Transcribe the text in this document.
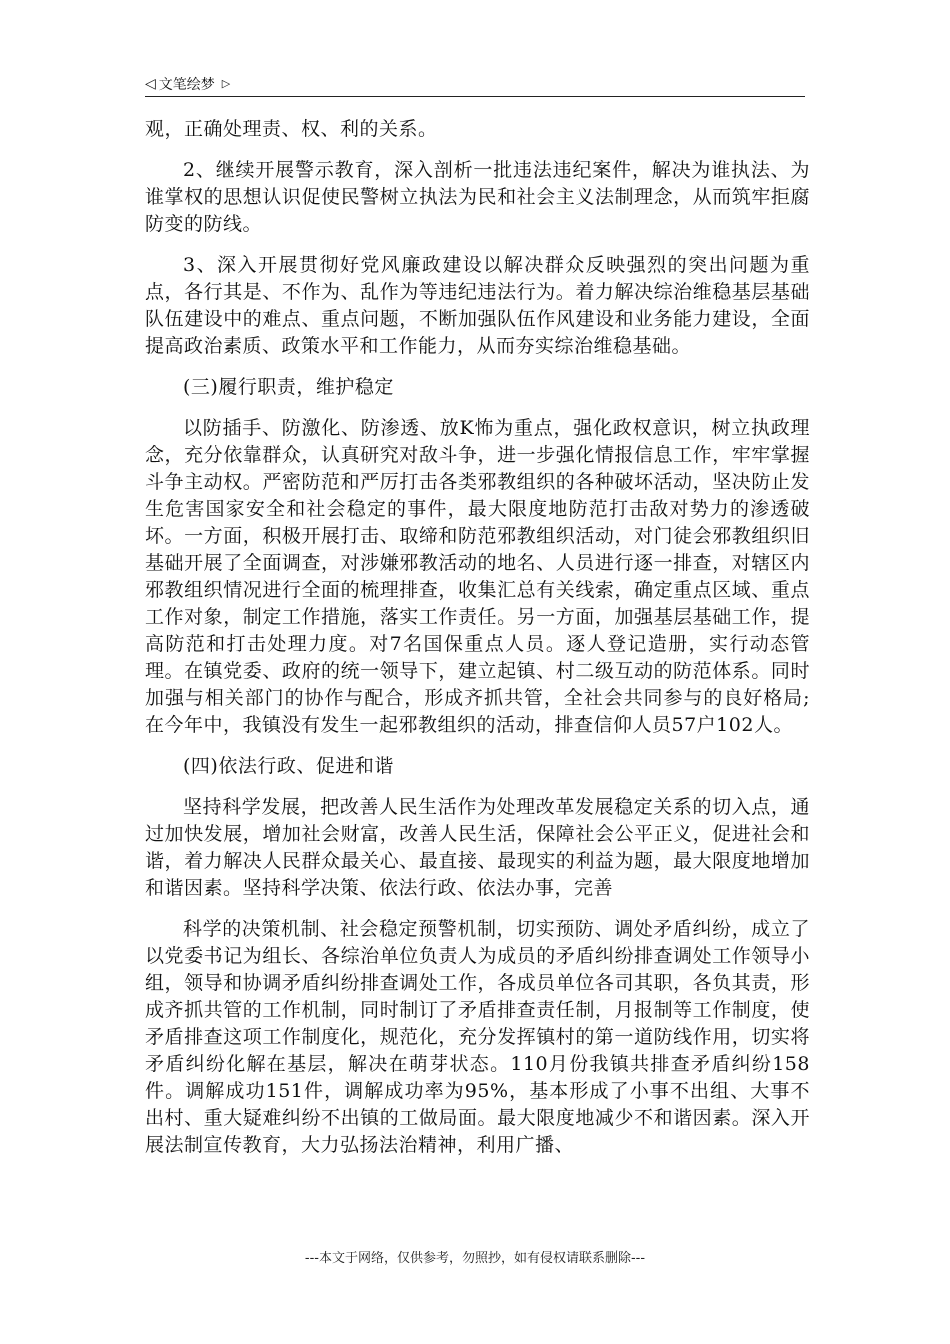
◁ 文笔绘梦 ▷

观，正确处理责、权、利的关系。

2、继续开展警示教育，深入剖析一批违法违纪案件，解决为谁执法、为谁掌权的思想认识促使民警树立执法为民和社会主义法制理念，从而筑牢拒腐防变的防线。

3、深入开展贯彻好党风廉政建设以解决群众反映强烈的突出问题为重点，各行其是、不作为、乱作为等违纪违法行为。着力解决综治维稳基层基础队伍建设中的难点、重点问题，不断加强队伍作风建设和业务能力建设，全面提高政治素质、政策水平和工作能力，从而夯实综治维稳基础。

(三)履行职责，维护稳定

以防插手、防激化、防渗透、放K怖为重点，强化政权意识，树立执政理念，充分依靠群众，认真研究对敌斗争，进一步强化情报信息工作，牢牢掌握斗争主动权。严密防范和严厉打击各类邪教组织的各种破坏活动，坚决防止发生危害国家安全和社会稳定的事件，最大限度地防范打击敌对势力的渗透破坏。一方面，积极开展打击、取缔和防范邪教组织活动，对门徒会邪教组织旧基础开展了全面调查，对涉嫌邪教活动的地名、人员进行逐一排查，对辖区内邪教组织情况进行全面的梳理排查，收集汇总有关线索，确定重点区域、重点工作对象，制定工作措施，落实工作责任。另一方面，加强基层基础工作，提高防范和打击处理力度。对7名国保重点人员。逐人登记造册，实行动态管理。在镇党委、政府的统一领导下，建立起镇、村二级互动的防范体系。同时加强与相关部门的协作与配合，形成齐抓共管，全社会共同参与的良好格局;在今年中，我镇没有发生一起邪教组织的活动，排查信仰人员57户102人。

(四)依法行政、促进和谐

坚持科学发展，把改善人民生活作为处理改革发展稳定关系的切入点，通过加快发展，增加社会财富，改善人民生活，保障社会公平正义，促进社会和谐，着力解决人民群众最关心、最直接、最现实的利益为题，最大限度地增加和谐因素。坚持科学决策、依法行政、依法办事，完善

科学的决策机制、社会稳定预警机制，切实预防、调处矛盾纠纷，成立了以党委书记为组长、各综治单位负责人为成员的矛盾纠纷排查调处工作领导小组，领导和协调矛盾纠纷排查调处工作，各成员单位各司其职，各负其责，形成齐抓共管的工作机制，同时制订了矛盾排查责任制，月报制等工作制度，使矛盾排查这项工作制度化，规范化，充分发挥镇村的第一道防线作用，切实将矛盾纠纷化解在基层，解决在萌芽状态。110月份我镇共排查矛盾纠纷158件。调解成功151件，调解成功率为95%，基本形成了小事不出组、大事不出村、重大疑难纠纷不出镇的工做局面。最大限度地减少不和谐因素。深入开展法制宣传教育，大力弘扬法治精神，利用广播、

---本文于网络，仅供参考，勿照抄，如有侵权请联系删除---
